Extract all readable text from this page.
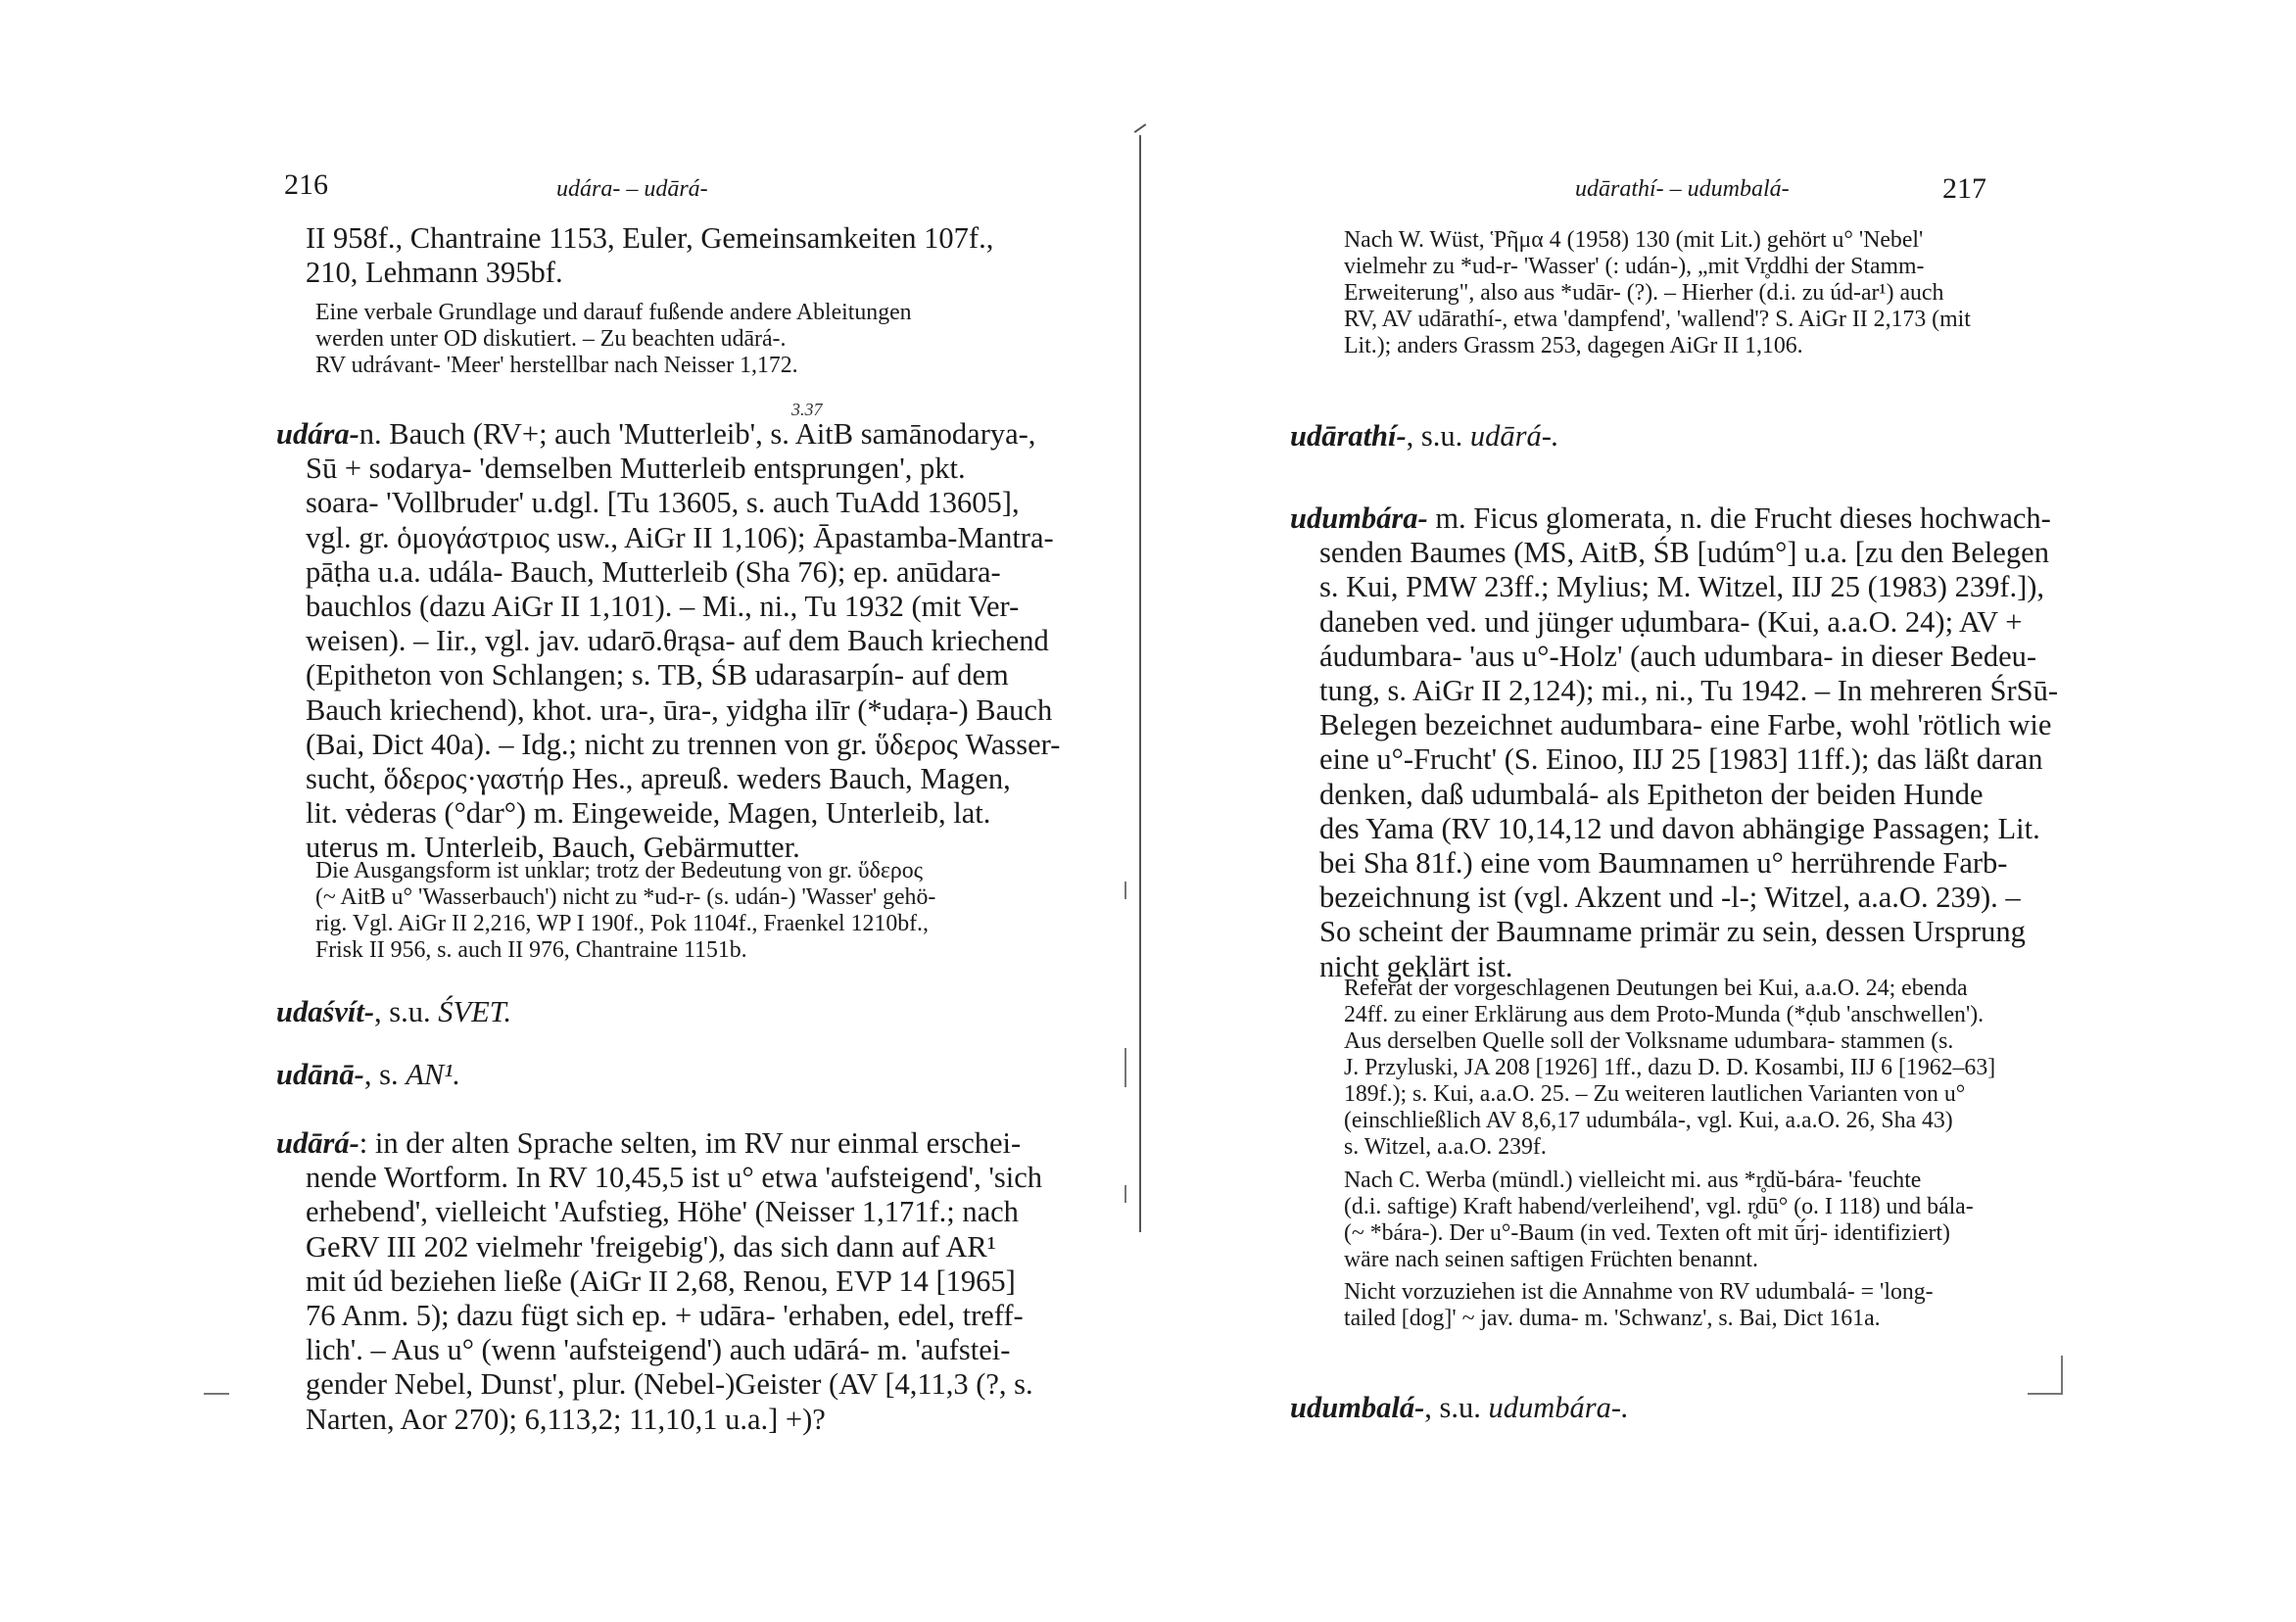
216	udára- – udārá-
II 958f., Chantraine 1153, Euler, Gemeinsamkeiten 107f.,
210, Lehmann 395bf.
Eine verbale Grundlage und darauf fußende andere Ableitungen
werden unter OD diskutiert. – Zu beachten udārá-.
RV udrávant- 'Meer' herstellbar nach Neisser 1,172.
3.37
udára-n. Bauch (RV+; auch 'Mutterleib', s. AitB samānodarya-,
Sū + sodarya- 'demselben Mutterleib entsprungen', pkt.
soara- 'Vollbruder' u.dgl. [Tu 13605, s. auch TuAdd 13605],
vgl. gr. ὁμογάστριος usw., AiGr II 1,106); Āpastamba-Mantra-
pāṭha u.a. udála- Bauch, Mutterleib (Sha 76); ep. anūdara-
bauchlos (dazu AiGr II 1,101). – Mi., ni., Tu 1932 (mit Ver-
weisen). – Iir., vgl. jav. udarō.θrąsa- auf dem Bauch kriechend
(Epitheton von Schlangen; s. TB, ŚB udarasarpín- auf dem
Bauch kriechend), khot. ura-, ūra-, yidgha ilīr (*udaṛa-) Bauch
(Bai, Dict 40a). – Idg.; nicht zu trennen von gr. ὕδερος Wasser-
sucht, ὅδερος·γαστήρ Hes., apreuß. weders Bauch, Magen,
lit. vėderas (°dar°) m. Eingeweide, Magen, Unterleib, lat.
uterus m. Unterleib, Bauch, Gebärmutter.
Die Ausgangsform ist unklar; trotz der Bedeutung von gr. ὕδερος
(~ AitB u° 'Wasserbauch') nicht zu *ud-r- (s. udán-) 'Wasser' gehö-
rig. Vgl. AiGr II 2,216, WP I 190f., Pok 1104f., Fraenkel 1210bf.,
Frisk II 956, s. auch II 976, Chantraine 1151b.
udaśvít-, s.u. ŚVET.
udānā-, s. AN¹.
udārá-: in der alten Sprache selten, im RV nur einmal erschei-
nende Wortform. In RV 10,45,5 ist u° etwa 'aufsteigend', 'sich
erhebend', vielleicht 'Aufstieg, Höhe' (Neisser 1,171f.; nach
GeRV III 202 vielmehr 'freigebig'), das sich dann auf AR¹
mit úd beziehen ließe (AiGr II 2,68, Renou, EVP 14 [1965]
76 Anm. 5); dazu fügt sich ep. + udāra- 'erhaben, edel, treff-
lich'. – Aus u° (wenn 'aufsteigend') auch udārá- m. 'aufstei-
gender Nebel, Dunst', plur. (Nebel-)Geister (AV [4,11,3 (?, s.
Narten, Aor 270); 6,113,2; 11,10,1 u.a.] +)?
udārathí- – udumbalá-	217
Nach W. Wüst, Ῥῆμα 4 (1958) 130 (mit Lit.) gehört u° 'Nebel'
vielmehr zu *ud-r- 'Wasser' (: udán-), „mit Vr̥ddhi der Stamm-
Erweiterung", also aus *udār- (?). – Hierher (d.i. zu úd-ar¹) auch
RV, AV udārathí-, etwa 'dampfend', 'wallend'? S. AiGr II 2,173 (mit
Lit.); anders Grassm 253, dagegen AiGr II 1,106.
udārathí-, s.u. udārá-.
udumbára- m. Ficus glomerata, n. die Frucht dieses hochwach-
senden Baumes (MS, AitB, ŚB [udúm°] u.a. [zu den Belegen
s. Kui, PMW 23ff.; Mylius; M. Witzel, IIJ 25 (1983) 239f.]),
daneben ved. und jünger uḍumbara- (Kui, a.a.O. 24); AV +
áudumbara- 'aus u°-Holz' (auch udumbara- in dieser Bedeu-
tung, s. AiGr II 2,124); mi., ni., Tu 1942. – In mehreren ŚrSū-
Belegen bezeichnet audumbara- eine Farbe, wohl 'rötlich wie
eine u°-Frucht' (S. Einoo, IIJ 25 [1983] 11ff.); das läßt daran
denken, daß udumbalá- als Epitheton der beiden Hunde
des Yama (RV 10,14,12 und davon abhängige Passagen; Lit.
bei Sha 81f.) eine vom Baumnamen u° herrührende Farb-
bezeichnung ist (vgl. Akzent und -l-; Witzel, a.a.O. 239). –
So scheint der Baumname primär zu sein, dessen Ursprung
nicht geklärt ist.
Referat der vorgeschlagenen Deutungen bei Kui, a.a.O. 24; ebenda
24ff. zu einer Erklärung aus dem Proto-Munda (*ḍub 'anschwellen').
Aus derselben Quelle soll der Volksname udumbara- stammen (s.
J. Przyluski, JA 208 [1926] 1ff., dazu D. D. Kosambi, IIJ 6 [1962–63]
189f.); s. Kui, a.a.O. 25. – Zu weiteren lautlichen Varianten von u°
(einschließlich AV 8,6,17 udumbála-, vgl. Kui, a.a.O. 26, Sha 43)
s. Witzel, a.a.O. 239f.
Nach C. Werba (mündl.) vielleicht mi. aus *r̥dŭ-bára- 'feuchte
(d.i. saftige) Kraft habend/verleihend', vgl. r̥dū° (o. I 118) und bála-
(~ *bára-). Der u°-Baum (in ved. Texten oft mit ū́rj- identifiziert)
wäre nach seinen saftigen Früchten benannt.
Nicht vorzuziehen ist die Annahme von RV udumbalá- = 'long-
tailed [dog]' ~ jav. duma- m. 'Schwanz', s. Bai, Dict 161a.
udumbalá-, s.u. udumbára-.
